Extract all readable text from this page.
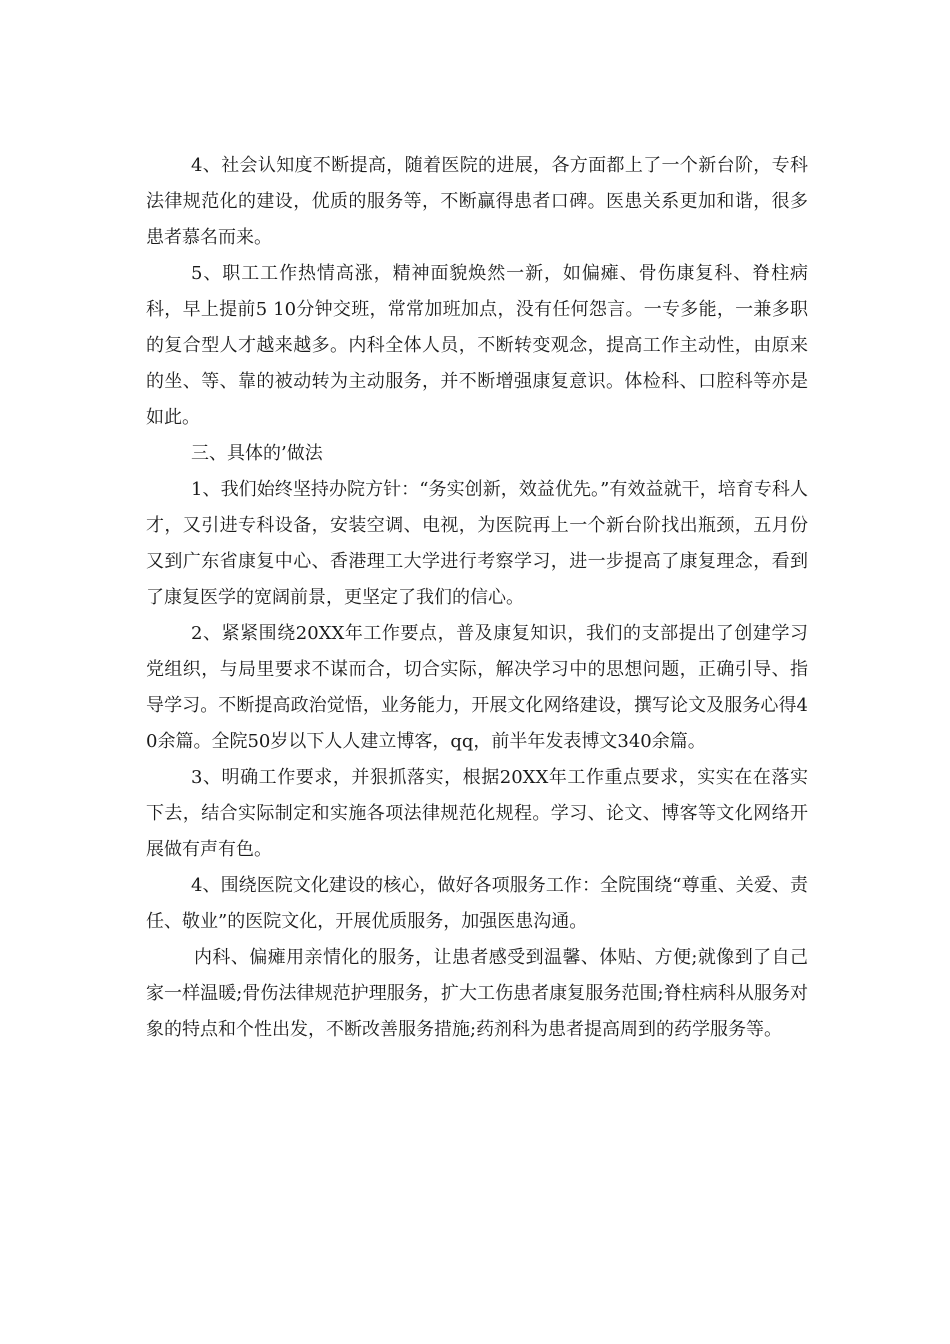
4、社会认知度不断提高，随着医院的进展，各方面都上了一个新台阶，专科法律规范化的建设，优质的服务等，不断赢得患者口碑。医患关系更加和谐，很多患者慕名而来。

5、职工工作热情高涨，精神面貌焕然一新，如偏瘫、骨伤康复科、脊柱病科，早上提前5 10分钟交班，常常加班加点，没有任何怨言。一专多能，一兼多职的复合型人才越来越多。内科全体人员，不断转变观念，提高工作主动性，由原来的坐、等、靠的被动转为主动服务，并不断增强康复意识。体检科、口腔科等亦是如此。

三、具体的’做法

1、我们始终坚持办院方针：“务实创新，效益优先。”有效益就干，培育专科人才，又引进专科设备，安装空调、电视，为医院再上一个新台阶找出瓶颈，五月份又到广东省康复中心、香港理工大学进行考察学习，进一步提高了康复理念，看到了康复医学的宽阔前景，更坚定了我们的信心。

2、紧紧围绕20XX年工作要点，普及康复知识，我们的支部提出了创建学习党组织，与局里要求不谋而合，切合实际，解决学习中的思想问题，正确引导、指导学习。不断提高政治觉悟，业务能力，开展文化网络建设，撰写论文及服务心得40余篇。全院50岁以下人人建立博客，qq，前半年发表博文340余篇。

3、明确工作要求，并狠抓落实，根据20XX年工作重点要求，实实在在落实下去，结合实际制定和实施各项法律规范化规程。学习、论文、博客等文化网络开展做有声有色。

4、围绕医院文化建设的核心，做好各项服务工作：全院围绕“尊重、关爱、责任、敬业”的医院文化，开展优质服务，加强医患沟通。

内科、偏瘫用亲情化的服务，让患者感受到温馨、体贴、方便;就像到了自己家一样温暖;骨伤法律规范护理服务，扩大工伤患者康复服务范围;脊柱病科从服务对象的特点和个性出发，不断改善服务措施;药剂科为患者提高周到的药学服务等。
